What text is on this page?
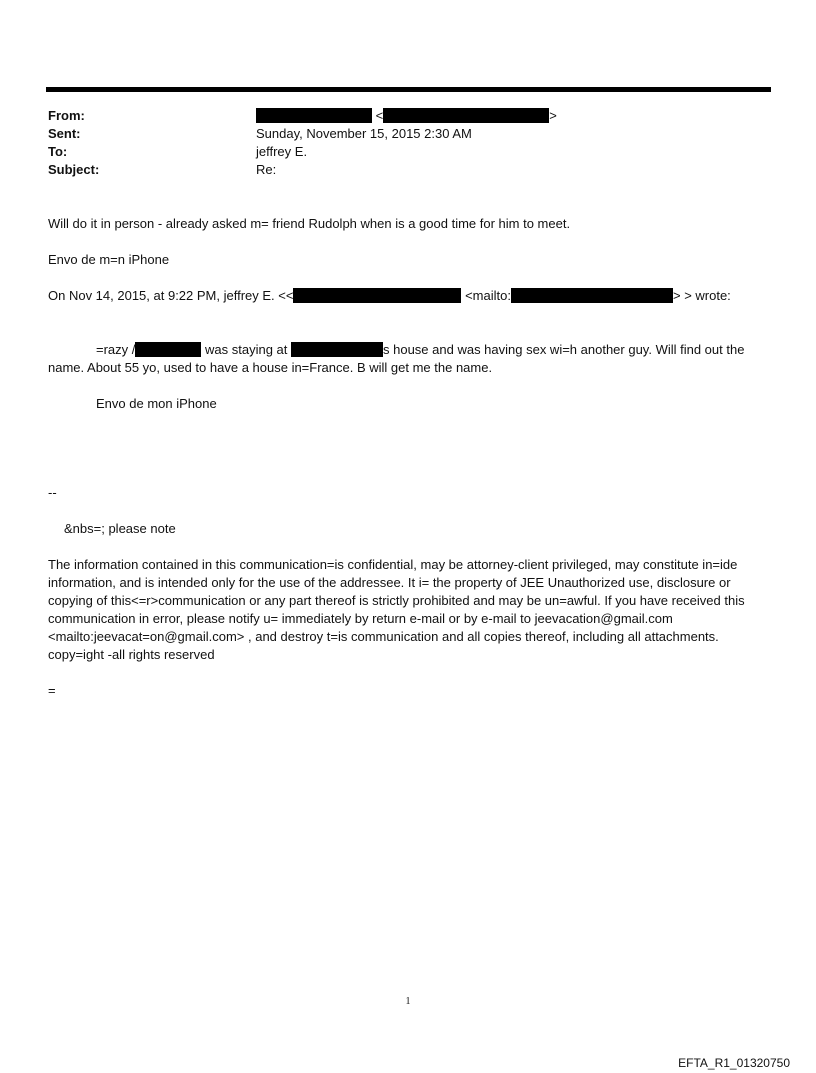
From:	<	>
Sent:	Sunday, November 15, 2015 2:30 AM
To:	jeffrey E.
Subject:	Re:
Will do it in person - already asked m= friend Rudolph when is a good time for him to meet.
Envo de m=n iPhone
On Nov 14, 2015, at 9:22 PM, jeffrey E. <<	<mailto:	> > wrote:
=razy /	was staying at	s house and was having sex wi=h another guy. Will find out the
name. About 55 yo, used to have a house in=France. B will get me the name.
Envo de mon iPhone
--
&nbs=; please note
The information contained in this communication=is confidential, may be attorney-client privileged, may constitute in=ide information, and is intended only for the use of the addressee. It i= the property of JEE Unauthorized use, disclosure or copying of this<=r>communication or any part thereof is strictly prohibited and may be un=awful. If you have received this communication in error, please notify u= immediately by return e-mail or by e-mail to jeevacation@gmail.com <mailto:jeevacat=on@gmail.com> , and destroy t=is communication and all copies thereof, including all attachments. copy=ight -all rights reserved
=
1
EFTA_R1_01320750
